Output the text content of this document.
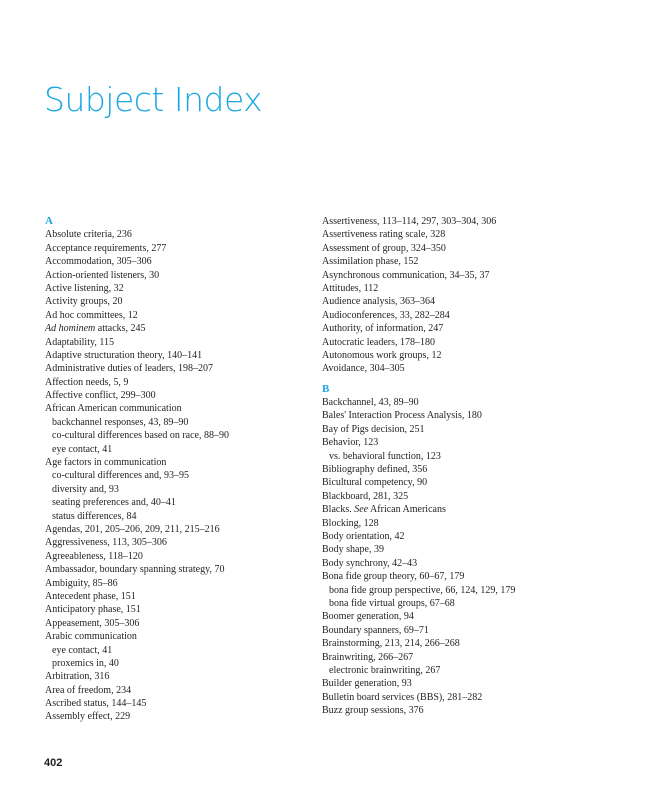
Subject Index
A
Absolute criteria, 236
Acceptance requirements, 277
Accommodation, 305–306
Action-oriented listeners, 30
Active listening, 32
Activity groups, 20
Ad hoc committees, 12
Ad hominem attacks, 245
Adaptability, 115
Adaptive structuration theory, 140–141
Administrative duties of leaders, 198–207
Affection needs, 5, 9
Affective conflict, 299–300
African American communication
backchannel responses, 43, 89–90
co-cultural differences based on race, 88–90
eye contact, 41
Age factors in communication
co-cultural differences and, 93–95
diversity and, 93
seating preferences and, 40–41
status differences, 84
Agendas, 201, 205–206, 209, 211, 215–216
Aggressiveness, 113, 305–306
Agreeableness, 118–120
Ambassador, boundary spanning strategy, 70
Ambiguity, 85–86
Antecedent phase, 151
Anticipatory phase, 151
Appeasement, 305–306
Arabic communication
eye contact, 41
proxemics in, 40
Arbitration, 316
Area of freedom, 234
Ascribed status, 144–145
Assembly effect, 229
Assertiveness, 113–114, 297, 303–304, 306
Assertiveness rating scale, 328
Assessment of group, 324–350
Assimilation phase, 152
Asynchronous communication, 34–35, 37
Attitudes, 112
Audience analysis, 363–364
Audioconferences, 33, 282–284
Authority, of information, 247
Autocratic leaders, 178–180
Autonomous work groups, 12
Avoidance, 304–305
B
Backchannel, 43, 89–90
Bales' Interaction Process Analysis, 180
Bay of Pigs decision, 251
Behavior, 123
vs. behavioral function, 123
Bibliography defined, 356
Bicultural competency, 90
Blackboard, 281, 325
Blacks. See African Americans
Blocking, 128
Body orientation, 42
Body shape, 39
Body synchrony, 42–43
Bona fide group theory, 60–67, 179
bona fide group perspective, 66, 124, 129, 179
bona fide virtual groups, 67–68
Boomer generation, 94
Boundary spanners, 69–71
Brainstorming, 213, 214, 266–268
Brainwriting, 266–267
electronic brainwriting, 267
Builder generation, 93
Bulletin board services (BBS), 281–282
Buzz group sessions, 376
402
